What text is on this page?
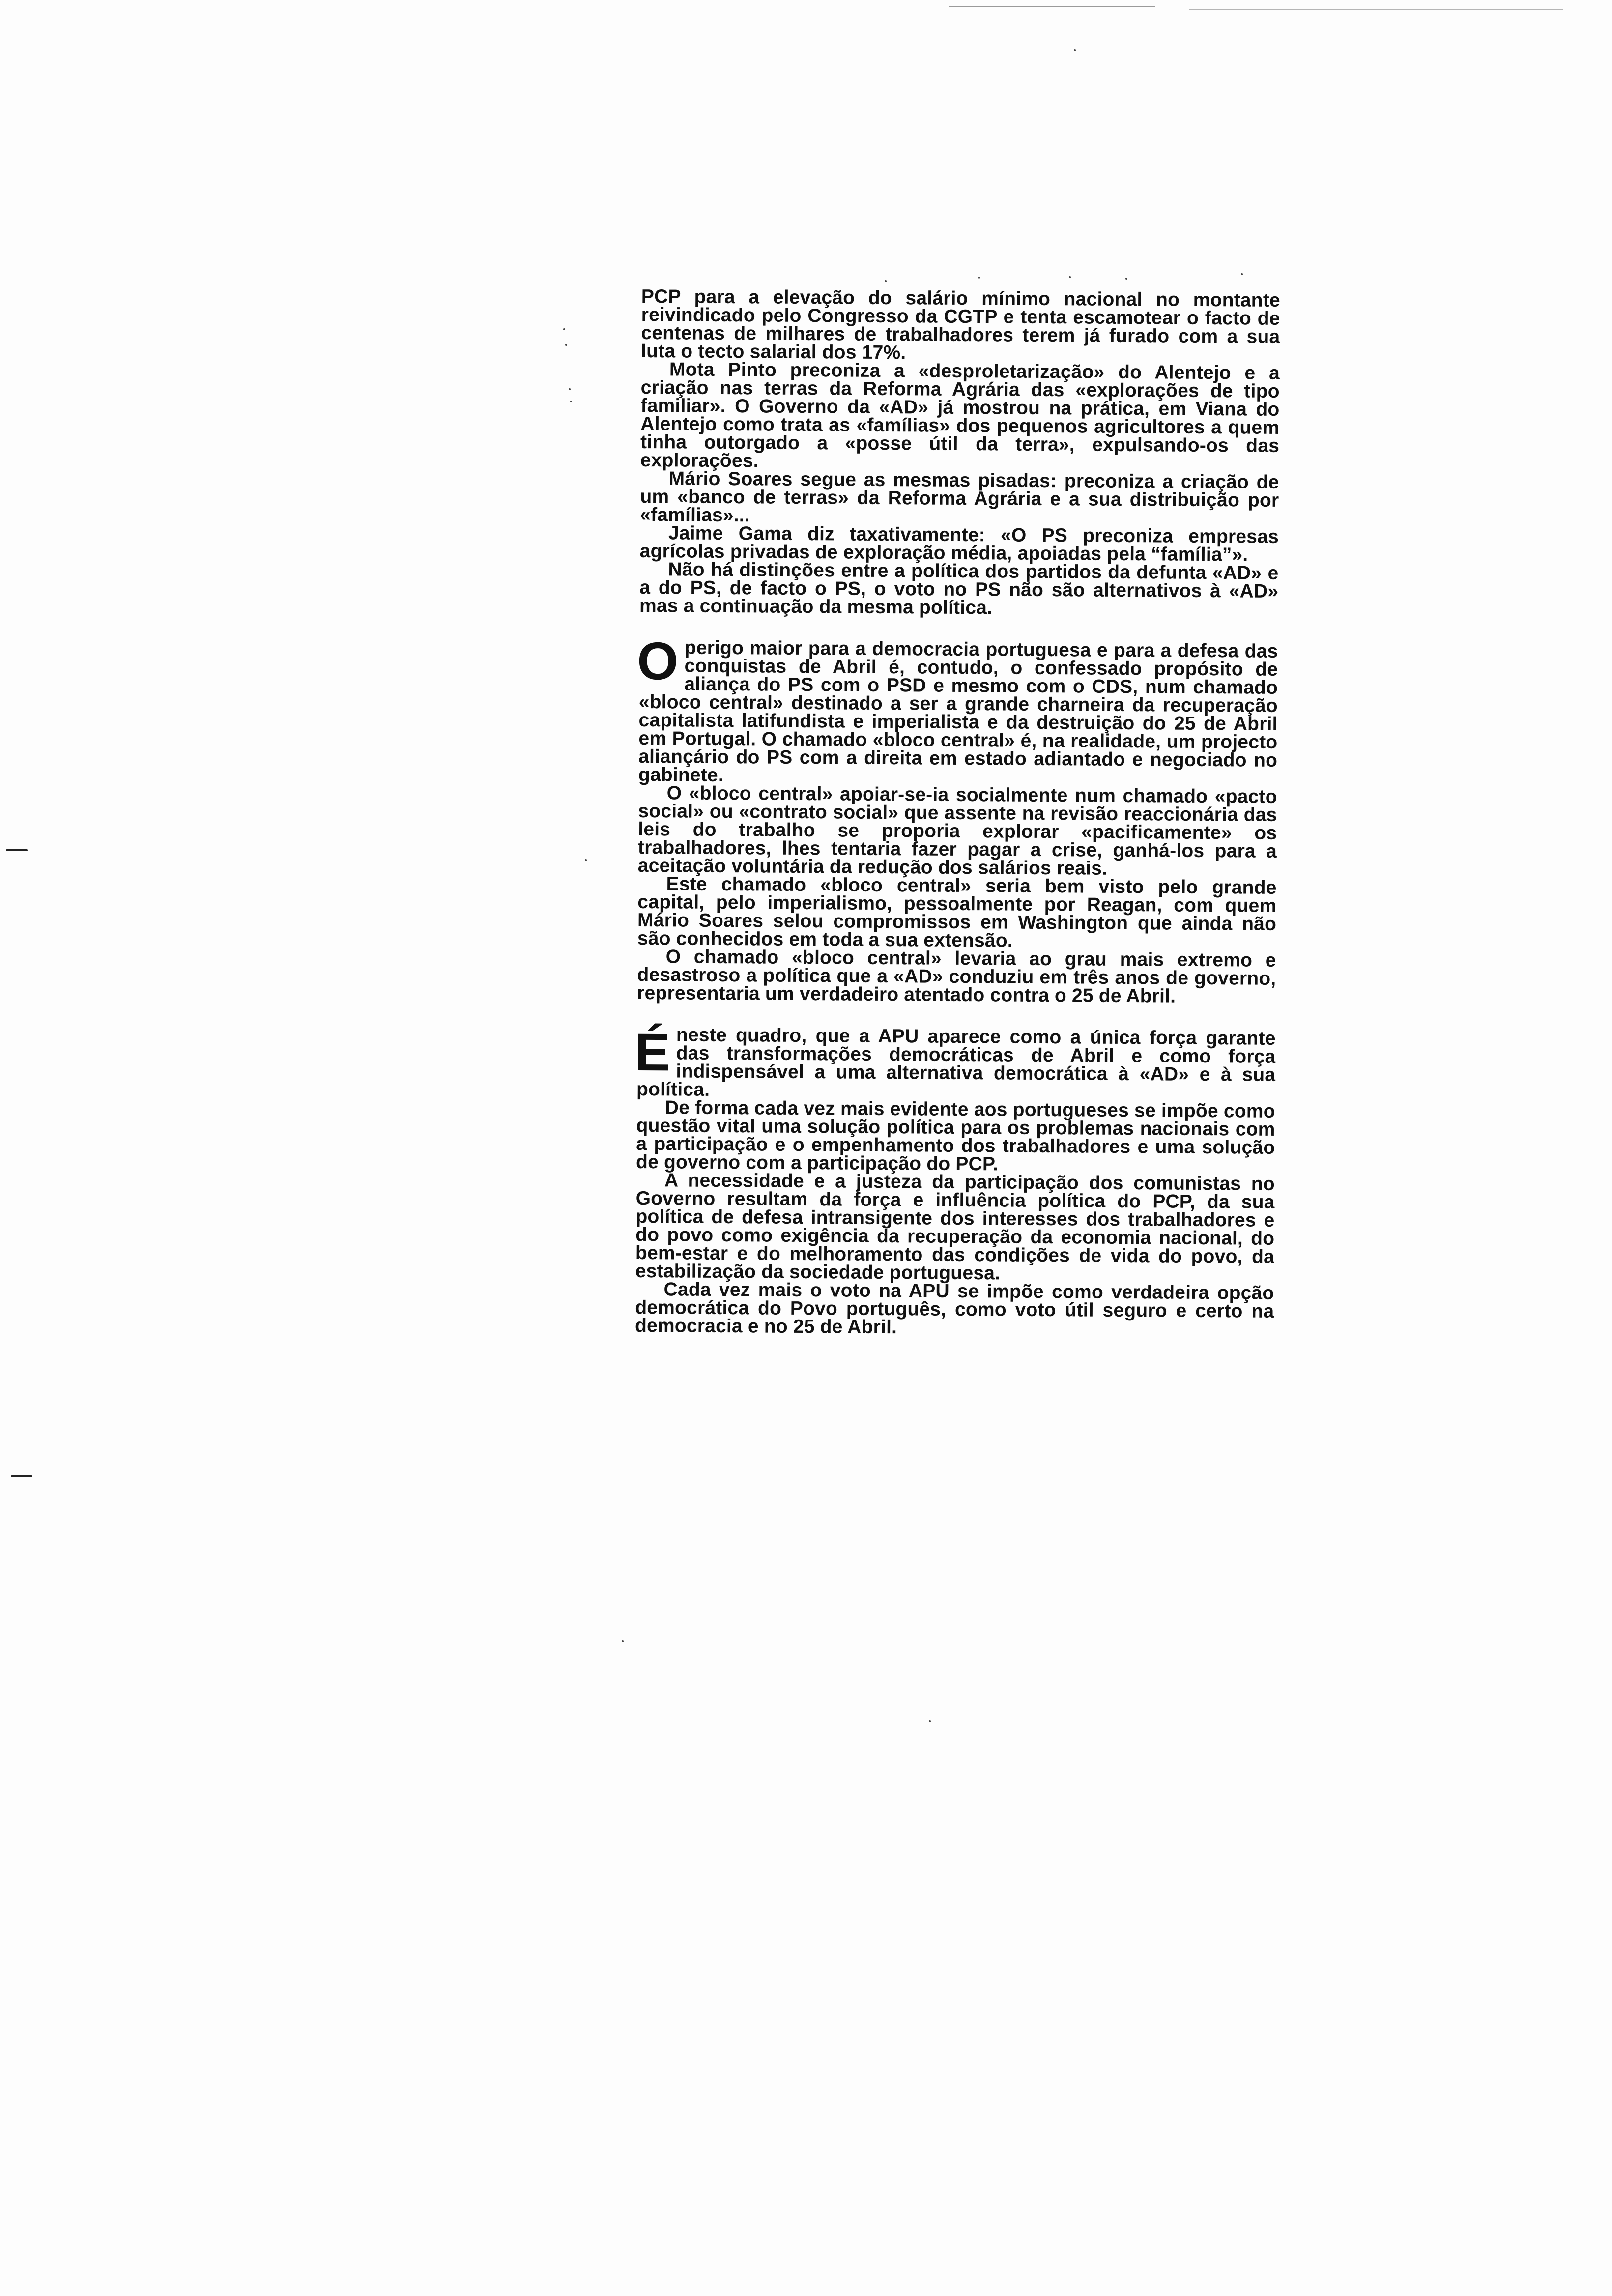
PCP para a elevação do salário mínimo nacional no montante reivindicado pelo Congresso da CGTP e tenta escamotear o facto de centenas de milhares de trabalhadores terem já furado com a sua luta o tecto salarial dos 17%.

Mota Pinto preconiza a «desproletarização» do Alentejo e a criação nas terras da Reforma Agrária das «explorações de tipo familiar». O Governo da «AD» já mostrou na prática, em Viana do Alentejo como trata as «famílias» dos pequenos agricultores a quem tinha outorgado a «posse útil da terra», expulsando-os das explorações.

Mário Soares segue as mesmas pisadas: preconiza a criação de um «banco de terras» da Reforma Agrária e a sua distribuição por «famílias»...

Jaime Gama diz taxativamente: «O PS preconiza empresas agrícolas privadas de exploração média, apoiadas pela “família”».

Não há distinções entre a política dos partidos da defunta «AD» e a do PS, de facto o PS, o voto no PS não são alternativos à «AD» mas a continuação da mesma política.

Operigo maior para a democracia portuguesa e para a defesa das conquistas de Abril é, contudo, o confessado propósito de aliança do PS com o PSD e mesmo com o CDS, num chamado «bloco central» destinado a ser a grande charneira da recuperação capitalista latifundista e imperialista e da destruição do 25 de Abril em Portugal. O chamado «bloco central» é, na realidade, um projecto aliançário do PS com a direita em estado adiantado e negociado no gabinete.

O «bloco central» apoiar-se-ia socialmente num chamado «pacto social» ou «contrato social» que assente na revisão reaccionária das leis do trabalho se proporia explorar «pacificamente» os trabalhadores, lhes tentaria fazer pagar a crise, ganhá-los para a aceitação voluntária da redução dos salários reais.

Este chamado «bloco central» seria bem visto pelo grande capital, pelo imperialismo, pessoalmente por Reagan, com quem Mário Soares selou compromissos em Washington que ainda não são conhecidos em toda a sua extensão.

O chamado «bloco central» levaria ao grau mais extremo e desastroso a política que a «AD» conduziu em três anos de governo, representaria um verdadeiro atentado contra o 25 de Abril.

Éneste quadro, que a APU aparece como a única força garante das transformações democráticas de Abril e como força indispensável a uma alternativa democrática à «AD» e à sua política.

De forma cada vez mais evidente aos portugueses se impõe como questão vital uma solução política para os problemas nacionais com a participação e o empenhamento dos trabalhadores e uma solução de governo com a participação do PCP.

A necessidade e a justeza da participação dos comunistas no Governo resultam da força e influência política do PCP, da sua política de defesa intransigente dos interesses dos trabalhadores e do povo como exigência da recuperação da economia nacional, do bem-estar e do melhoramento das condições de vida do povo, da estabilização da sociedade portuguesa.

Cada vez mais o voto na APU se impõe como verdadeira opção democrática do Povo português, como voto útil seguro e certo na democracia e no 25 de Abril.
